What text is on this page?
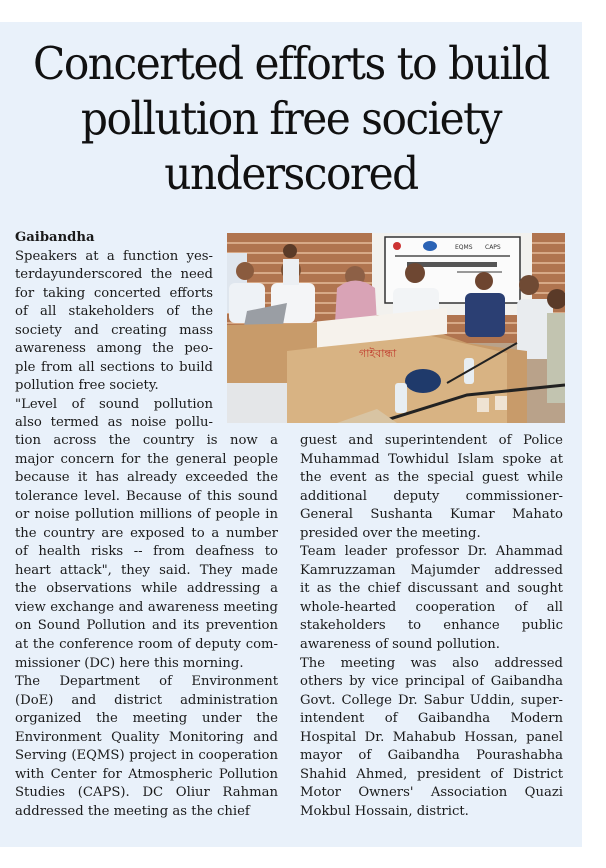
Concerted efforts to build
pollution free society
underscored
EQMS CAPS
গাইবান্ধা
Gaibandha
Speakers at a function yes-
terdayunderscored the need
for taking concerted efforts
of all stakeholders of the
society and creating mass
awareness among the peo-
ple from all sections to build
pollution free society.
"Level of sound pollution
also termed as noise pollu-
tion across the country is now a
major concern for the general people
because it has already exceeded the
tolerance level. Because of this sound
or noise pollution millions of people in
the country are exposed to a number
of health risks -- from deafness to
heart attack", they said. They made
the observations while addressing a
view exchange and awareness meeting
on Sound Pollution and its prevention
at the conference room of deputy com-
missioner (DC) here this morning.
The Department of Environment
(DoE) and district administration
organized the meeting under the
Environment Quality Monitoring and
Serving (EQMS) project in cooperation
with Center for Atmospheric Pollution
Studies (CAPS). DC Oliur Rahman
addressed the meeting as the chief
guest and superintendent of Police
Muhammad Towhidul Islam spoke at
the event as the special guest while
additional deputy commissioner-
General Sushanta Kumar Mahato
presided over the meeting.
Team leader professor Dr. Ahammad
Kamruzzaman Majumder addressed
it as the chief discussant and sought
whole-hearted cooperation of all
stakeholders to enhance public
awareness of sound pollution.
The meeting was also addressed
others by vice principal of Gaibandha
Govt. College Dr. Sabur Uddin, super-
intendent of Gaibandha Modern
Hospital Dr. Mahabub Hossan, panel
mayor of Gaibandha Pourashabha
Shahid Ahmed, president of District
Motor Owners' Association Quazi
Mokbul Hossain, district.
